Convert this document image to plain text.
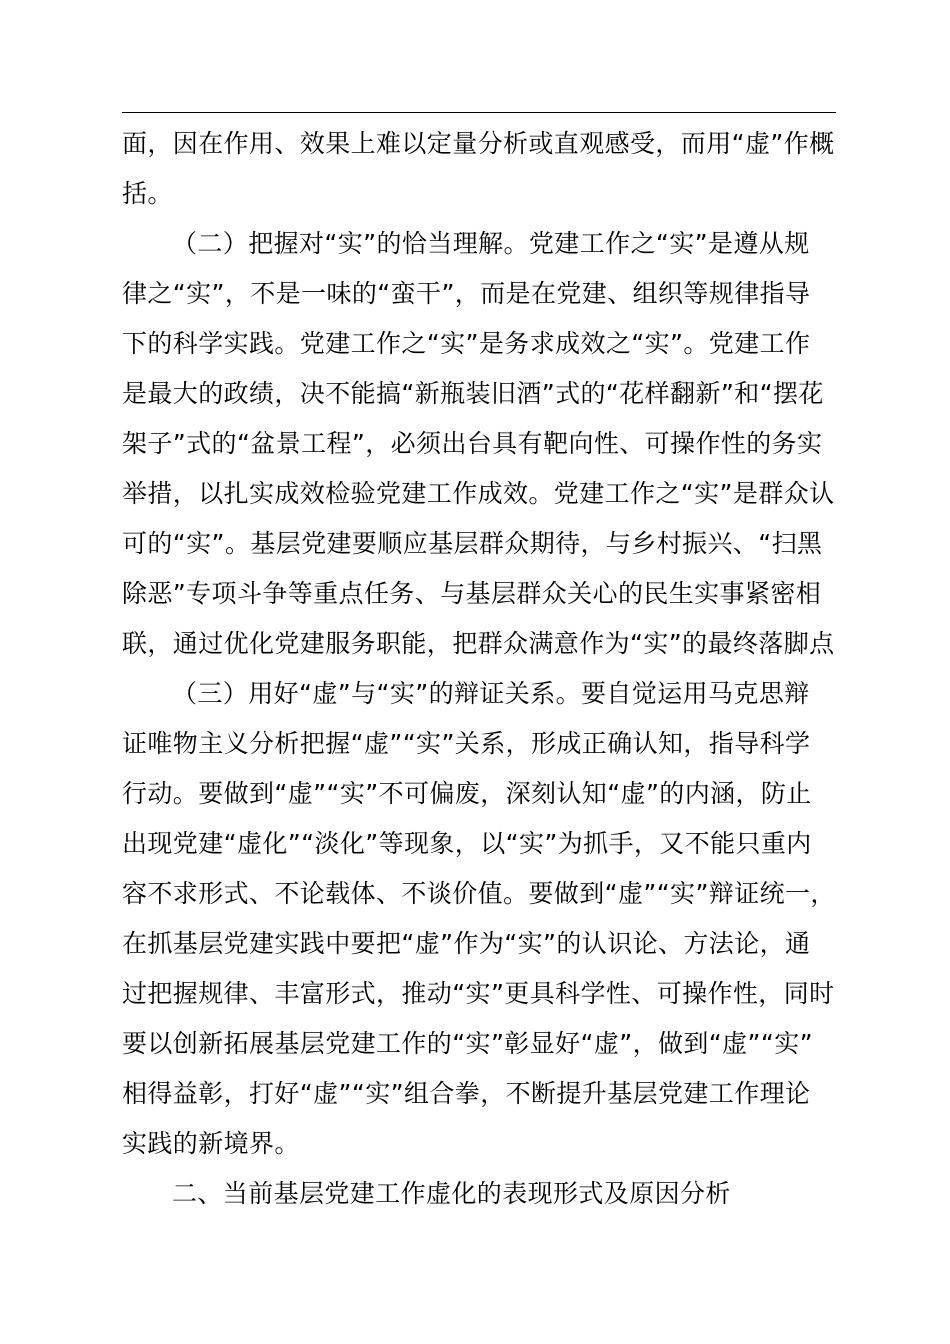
面，因在作用、效果上难以定量分析或直观感受，而用“虚”作概
括。
（二）把握对“实”的恰当理解。党建工作之“实”是遵从规
律之“实”，不是一味的“蛮干”，而是在党建、组织等规律指导
下的科学实践。党建工作之“实”是务求成效之“实”。党建工作
是最大的政绩，决不能搞“新瓶装旧酒”式的“花样翻新”和“摆花
架子”式的“盆景工程”，必须出台具有靶向性、可操作性的务实
举措，以扎实成效检验党建工作成效。党建工作之“实”是群众认
可的“实”。基层党建要顺应基层群众期待，与乡村振兴、“扫黑
除恶”专项斗争等重点任务、与基层群众关心的民生实事紧密相
联，通过优化党建服务职能，把群众满意作为“实”的最终落脚点
（三）用好“虚”与“实”的辩证关系。要自觉运用马克思辩
证唯物主义分析把握“虚”“实”关系，形成正确认知，指导科学
行动。要做到“虚”“实”不可偏废，深刻认知“虚”的内涵，防止
出现党建“虚化”“淡化”等现象，以“实”为抓手，又不能只重内
容不求形式、不论载体、不谈价值。要做到“虚”“实”辩证统一，
在抓基层党建实践中要把“虚”作为“实”的认识论、方法论，通
过把握规律、丰富形式，推动“实”更具科学性、可操作性，同时
要以创新拓展基层党建工作的“实”彰显好“虚”，做到“虚”“实”
相得益彰，打好“虚”“实”组合拳，不断提升基层党建工作理论
实践的新境界。
二、当前基层党建工作虚化的表现形式及原因分析
